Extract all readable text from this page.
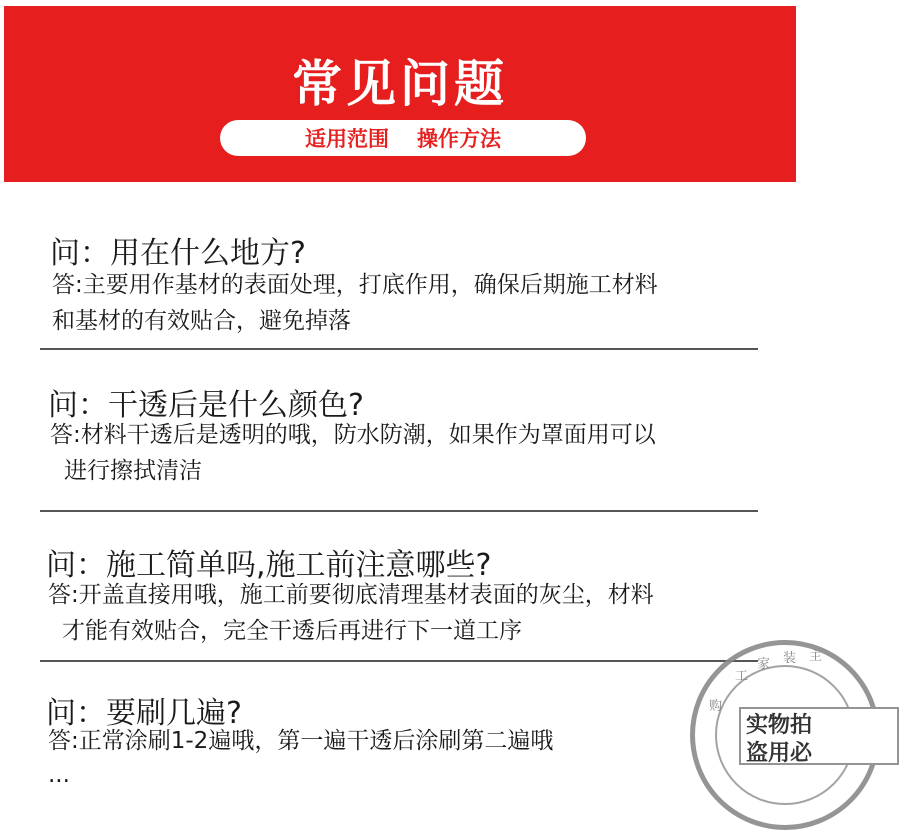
常见问题
适用范围 操作方法
问：用在什么地方?
答:主要用作基材的表面处理，打底作用，确保后期施工材料
和基材的有效贴合，避免掉落
问：干透后是什么颜色?
答:材料干透后是透明的哦，防水防潮，如果作为罩面用可以
进行擦拭清洁
问：施工简单吗,施工前注意哪些?
答:开盖直接用哦，施工前要彻底清理基材表面的灰尘，材料
才能有效贴合，完全干透后再进行下一道工序
问：要刷几遍?
答:正常涂刷1-2遍哦，第一遍干透后涂刷第二遍哦
...
工
家 装 主
购
实物拍
盗用必
